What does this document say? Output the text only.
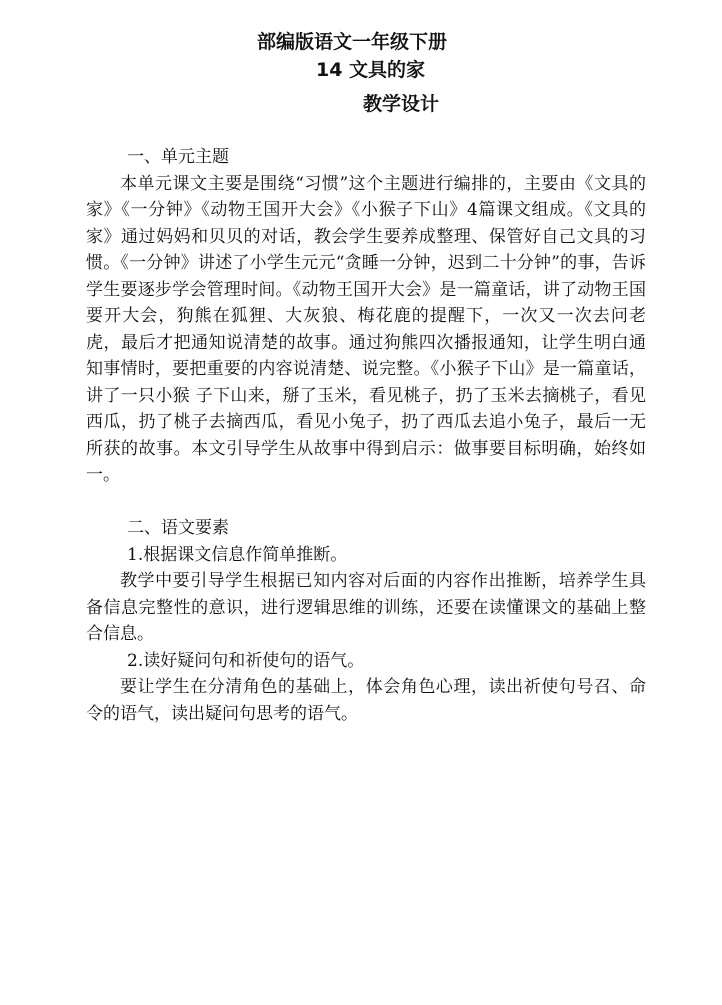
部编版语文一年级下册
14 文具的家
教学设计

一、单元主题

本单元课文主要是围绕“习惯”这个主题进行编排的，主要由《文具的家》《一分钟》《动物王国开大会》《小猴子下山》4篇课文组成。《文具的家》通过妈妈和贝贝的对话，教会学生要养成整理、保管好自己文具的习惯。《一分钟》讲述了小学生元元“贪睡一分钟，迟到二十分钟”的事，告诉学生要逐步学会管理时间。《动物王国开大会》是一篇童话，讲了动物王国要开大会，狗熊在狐狸、大灰狼、梅花鹿的提醒下，一次又一次去问老虎，最后才把通知说清楚的故事。通过狗熊四次播报通知，让学生明白通知事情时，要把重要的内容说清楚、说完整。《小猴子下山》是一篇童话，讲了一只小猴 子下山来，掰了玉米，看见桃子，扔了玉米去摘桃子，看见西瓜，扔了桃子去摘西瓜，看见小兔子，扔了西瓜去追小兔子，最后一无所获的故事。本文引导学生从故事中得到启示：做事要目标明确，始终如一。

二、语文要素

1.根据课文信息作简单推断。

教学中要引导学生根据已知内容对后面的内容作出推断，培养学生具备信息完整性的意识，进行逻辑思维的训练，还要在读懂课文的基础上整合信息。

2.读好疑问句和祈使句的语气。

要让学生在分清角色的基础上，体会角色心理，读出祈使句号召、命令的语气，读出疑问句思考的语气。
